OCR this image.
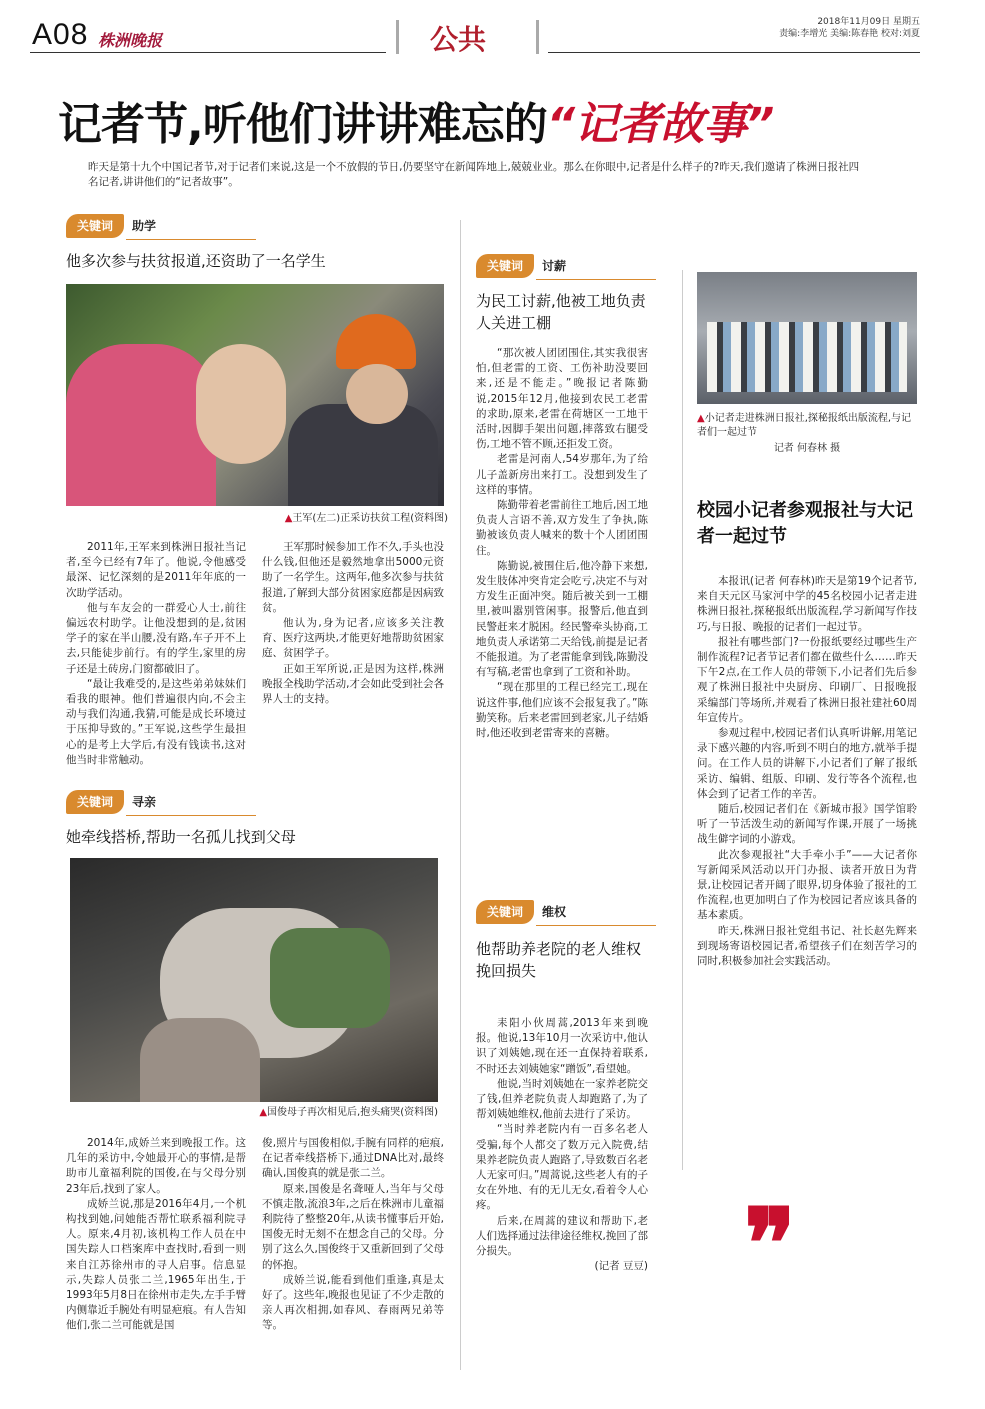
A08 株洲晚报	公共
2018年11月09日 星期五
责编:李增光 美编:陈春艳 校对:刘夏
记者节,听他们讲讲难忘的“记者故事”
昨天是第十九个中国记者节,对于记者们来说,这是一个不放假的节日,仍要坚守在新闻阵地上,兢兢业业。那么在你眼中,记者是什么样子的?昨天,我们邀请了株洲日报社四名记者,讲讲他们的“记者故事”。
关键词	助学
他多次参与扶贫报道,还资助了一名学生
▲王军(左二)正采访扶贫工程(资料图)

2011年,王军来到株洲日报社当记者,至今已经有7年了。他说,令他感受最深、记忆深刻的是2011年年底的一次助学活动。

他与车友会的一群爱心人士,前往偏远农村助学。让他没想到的是,贫困学子的家在半山腰,没有路,车子开不上去,只能徒步前行。有的学生,家里的房子还是土砖房,门窗都破旧了。

“最让我难受的,是这些弟弟妹妹们看我的眼神。他们普遍很内向,不会主动与我们沟通,我猜,可能是成长环境过于压抑导致的。”王军说,这些学生最担心的是考上大学后,有没有钱读书,这对他当时非常触动。

王军那时候参加工作不久,手头也没什么钱,但他还是毅然地拿出5000元资助了一名学生。这两年,他多次参与扶贫报道,了解到大部分贫困家庭都是因病致贫。

他认为,身为记者,应该多关注教育、医疗这两块,才能更好地帮助贫困家庭、贫困学子。

正如王军所说,正是因为这样,株洲晚报全栈助学活动,才会如此受到社会各界人士的支持。

关键词	寻亲
她牵线搭桥,帮助一名孤儿找到父母
▲国俊母子再次相见后,抱头痛哭(资料图)

2014年,成娇兰来到晚报工作。这几年的采访中,令她最开心的事情,是帮助市儿童福利院的国俊,在与父母分别23年后,找到了家人。

成娇兰说,那是2016年4月,一个机构找到她,问她能否帮忙联系福利院寻人。原来,4月初,该机构工作人员在中国失踪人口档案库中查找时,看到一则来自江苏徐州市的寻人启事。信息显示,失踪人员张二兰,1965年出生,于1993年5月8日在徐州市走失,左手手臂内侧靠近手腕处有明显疤痕。有人告知他们,张二兰可能就是国

俊,照片与国俊相似,手腕有同样的疤痕,在记者牵线搭桥下,通过DNA比对,最终确认,国俊真的就是张二兰。

原来,国俊是名聋哑人,当年与父母不慎走散,流浪3年,之后在株洲市儿童福利院待了整整20年,从读书懂事后开始,国俊无时无刻不在想念自己的父母。分别了这么久,国俊终于又重新回到了父母的怀抱。

成娇兰说,能看到他们重逢,真是太好了。这些年,晚报也见证了不少走散的亲人再次相拥,如春风、春雨两兄弟等等。

关键词	讨薪
为民工讨薪,他被工地负责人关进工棚

“那次被人团团围住,其实我很害怕,但老雷的工资、工伤补助没要回来,还是不能走。”晚报记者陈勤说,2015年12月,他接到农民工老雷的求助,原来,老雷在荷塘区一工地干活时,因脚手架出问题,摔落致右腿受伤,工地不管不顾,还拒发工资。

老雷是河南人,54岁那年,为了给儿子盖新房出来打工。没想到发生了这样的事情。

陈勤带着老雷前往工地后,因工地负责人言语不善,双方发生了争执,陈勤被该负责人喊来的数十个人团团围住。

陈勤说,被围住后,他冷静下来想,发生肢体冲突肯定会吃亏,决定不与对方发生正面冲突。随后被关到一工棚里,被叫嚣别管闲事。报警后,他直到民警赶来才脱困。经民警牵头协商,工地负责人承诺第二天给钱,前提是记者不能报道。为了老雷能拿到钱,陈勤没有写稿,老雷也拿到了工资和补助。

“现在那里的工程已经完工,现在说这件事,他们应该不会报复我了。”陈勤笑称。后来老雷回到老家,儿子结婚时,他还收到老雷寄来的喜糖。

关键词	维权
他帮助养老院的老人维权挽回损失

耒阳小伙周蒿,2013年来到晚报。他说,13年10月一次采访中,他认识了刘姨她,现在还一直保持着联系,不时还去刘姨她家“蹭饭”,看望她。

他说,当时刘姨她在一家养老院交了钱,但养老院负责人却跑路了,为了帮刘姨她维权,他前去进行了采访。

“当时养老院内有一百多名老人受骗,每个人都交了数万元入院费,结果养老院负责人跑路了,导致数百名老人无家可归。”周蒿说,这些老人有的子女在外地、有的无儿无女,看着令人心疼。

后来,在周蒿的建议和帮助下,老人们选择通过法律途径维权,挽回了部分损失。

(记者 豆豆)
▲小记者走进株洲日报社,探秘报纸出版流程,与记者们一起过节
记者 何春林 摄
校园小记者参观报社与大记者一起过节

本报讯(记者 何春林)昨天是第19个记者节,来自天元区马家河中学的45名校园小记者走进株洲日报社,探秘报纸出版流程,学习新闻写作技巧,与日报、晚报的记者们一起过节。

报社有哪些部门?一份报纸要经过哪些生产制作流程?记者节记者们都在做些什么……昨天下午2点,在工作人员的带领下,小记者们先后参观了株洲日报社中央厨房、印刷厂、日报晚报采编部门等场所,并观看了株洲日报社建社60周年宣传片。

参观过程中,校园记者们认真听讲解,用笔记录下感兴趣的内容,听到不明白的地方,就举手提问。在工作人员的讲解下,小记者们了解了报纸采访、编辑、组版、印刷、发行等各个流程,也体会到了记者工作的辛苦。

随后,校园记者们在《新城市报》国学馆聆听了一节活泼生动的新闻写作课,开展了一场挑战生僻字词的小游戏。

此次参观报社“大手牵小手”——大记者你写新闻采风活动以开门办报、读者开放日为背景,让校园记者开阔了眼界,切身体验了报社的工作流程,也更加明白了作为校园记者应该具备的基本素质。

昨天,株洲日报社党组书记、社长赵先辉来到现场寄语校园记者,希望孩子们在刻苦学习的同时,积极参加社会实践活动。

❞
